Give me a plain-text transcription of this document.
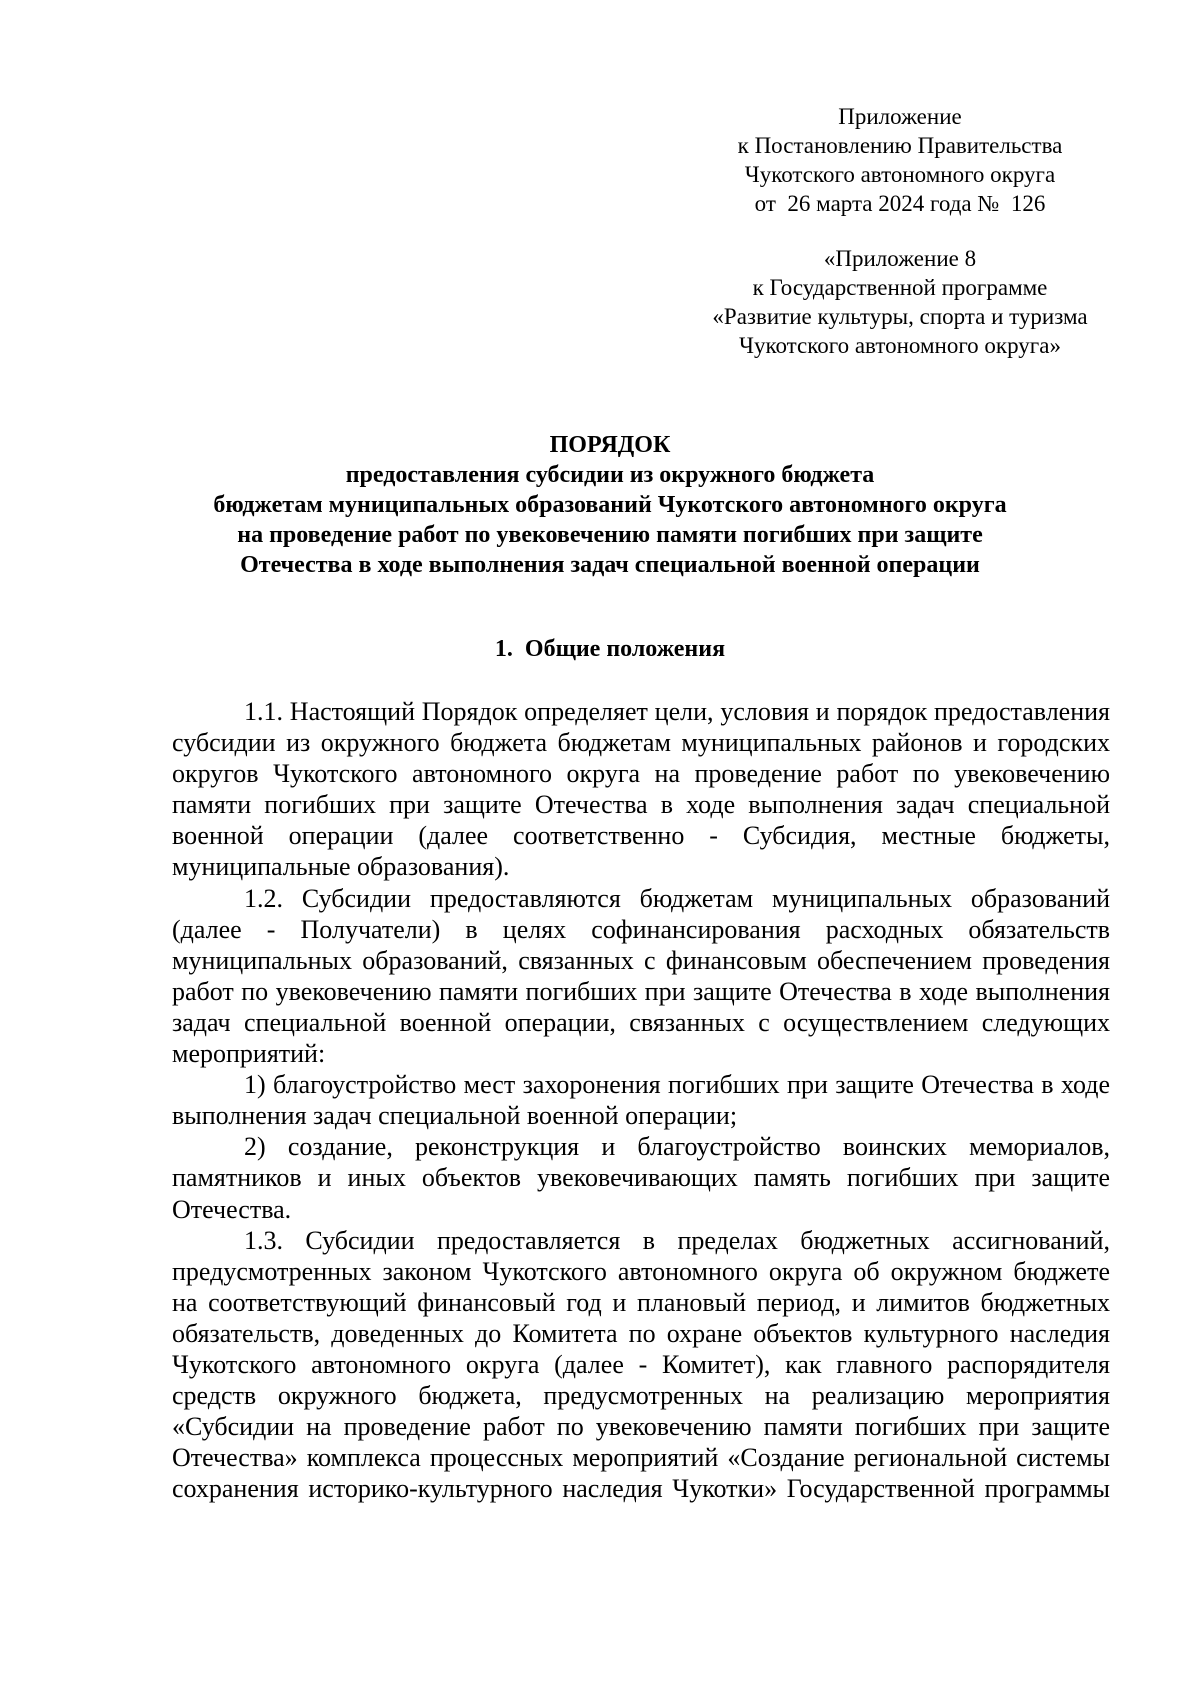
Приложение
к Постановлению Правительства
Чукотского автономного округа
от  26 марта 2024 года №  126
«Приложение 8
к Государственной программе
«Развитие культуры, спорта и туризма
Чукотского автономного округа»
ПОРЯДОК
предоставления субсидии из окружного бюджета
бюджетам муниципальных образований Чукотского автономного округа
на проведение работ по увековечению памяти погибших при защите
Отечества в ходе выполнения задач специальной военной операции
1.  Общие положения

1.1. Настоящий Порядок определяет цели, условия и порядок предоставления субсидии из окружного бюджета бюджетам муниципальных районов и городских округов Чукотского автономного округа на проведение работ по увековечению памяти погибших при защите Отечества в ходе выполнения задач специальной военной операции (далее соответственно - Субсидия, местные бюджеты, муниципальные образования).

1.2. Субсидии предоставляются бюджетам муниципальных образований (далее - Получатели) в целях софинансирования расходных обязательств муниципальных образований, связанных с финансовым обеспечением проведения работ по увековечению памяти погибших при защите Отечества в ходе выполнения задач специальной военной операции, связанных с осуществлением следующих мероприятий:

1) благоустройство мест захоронения погибших при защите Отечества в ходе выполнения задач специальной военной операции;

2) создание, реконструкция и благоустройство воинских мемориалов, памятников и иных объектов увековечивающих память погибших при защите Отечества.

1.3. Субсидии предоставляется в пределах бюджетных ассигнований, предусмотренных законом Чукотского автономного округа об окружном бюджете на соответствующий финансовый год и плановый период, и лимитов бюджетных обязательств, доведенных до Комитета по охране объектов культурного наследия Чукотского автономного округа (далее - Комитет), как главного распорядителя средств окружного бюджета, предусмотренных на реализацию мероприятия «Субсидии на проведение работ по увековечению памяти погибших при защите Отечества» комплекса процессных мероприятий «Создание региональной системы сохранения историко-культурного наследия Чукотки» Государственной программы
